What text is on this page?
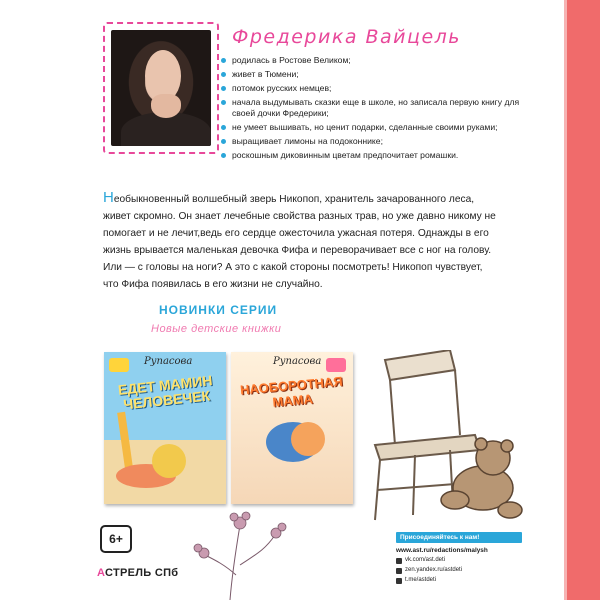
Фредерика Вайцель
родилась в Ростове Великом;
живет в Тюмени;
потомок русских немцев;
начала выдумывать сказки еще в школе, но записала первую книгу для своей дочки Фредерики;
не умеет вышивать, но ценит подарки, сделанные своими руками;
выращивает лимоны на подоконнике;
роскошным диковинным цветам предпочитает ромашки.

Необыкновенный волшебный зверь Никопоп, хранитель зачарованного леса, живет скромно. Он знает лечебные свойства разных трав, но уже давно никому не помогает и не лечит,ведь его сердце ожесточила ужасная потеря. Однажды в его жизнь врывается маленькая девочка Фифа и переворачивает все с ног на голову. Или — с головы на ноги? А это с какой стороны посмотреть! Никопоп чувствует, что Фифа появилась в его жизни не случайно.

НОВИНКИ СЕРИИ
Новые детские книжки
Рупасова
ЕДЕТ МАМИН ЧЕЛОВЕЧЕК
Рупасова
НАОБОРОТНАЯ МАМА
6+
АСТРЕЛЬ СПб
Присоединяйтесь к нам!
www.ast.ru/redactions/malysh
vk.com/ast.deti
zen.yandex.ru/astdeti
t.me/astdeti
